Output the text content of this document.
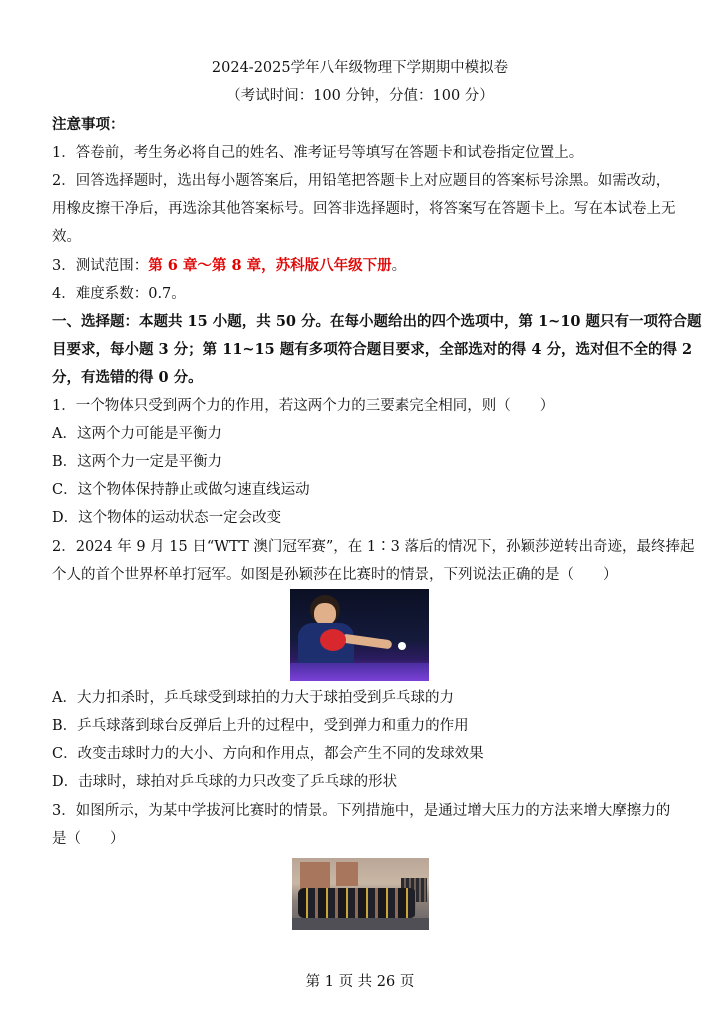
2024-2025学年八年级物理下学期期中模拟卷
（考试时间：100 分钟，分值：100 分）
注意事项：
1．答卷前，考生务必将自己的姓名、准考证号等填写在答题卡和试卷指定位置上。
2．回答选择题时，选出每小题答案后，用铅笔把答题卡上对应题目的答案标号涂黑。如需改动，
用橡皮擦干净后，再选涂其他答案标号。回答非选择题时，将答案写在答题卡上。写在本试卷上无
效。
3．测试范围：第 6 章～第 8 章，苏科版八年级下册。
4．难度系数：0.7。
一、选择题：本题共 15 小题，共 50 分。在每小题给出的四个选项中，第 1~10 题只有一项符合题
目要求，每小题 3 分；第 11~15 题有多项符合题目要求，全部选对的得 4 分，选对但不全的得 2
分，有选错的得 0 分。
1．一个物体只受到两个力的作用，若这两个力的三要素完全相同，则（　　）
A．这两个力可能是平衡力
B．这两个力一定是平衡力
C．这个物体保持静止或做匀速直线运动
D．这个物体的运动状态一定会改变
2．2024 年 9 月 15 日“WTT 澳门冠军赛”，在 1∶3 落后的情况下，孙颖莎逆转出奇迹，最终捧起
个人的首个世界杯单打冠军。如图是孙颖莎在比赛时的情景，下列说法正确的是（　　）
A．大力扣杀时，乒乓球受到球拍的力大于球拍受到乒乓球的力
B．乒乓球落到球台反弹后上升的过程中，受到弹力和重力的作用
C．改变击球时力的大小、方向和作用点，都会产生不同的发球效果
D．击球时，球拍对乒乓球的力只改变了乒乓球的形状
3．如图所示，为某中学拔河比赛时的情景。下列措施中，是通过增大压力的方法来增大摩擦力的
是（　　）
第 1 页 共 26 页
